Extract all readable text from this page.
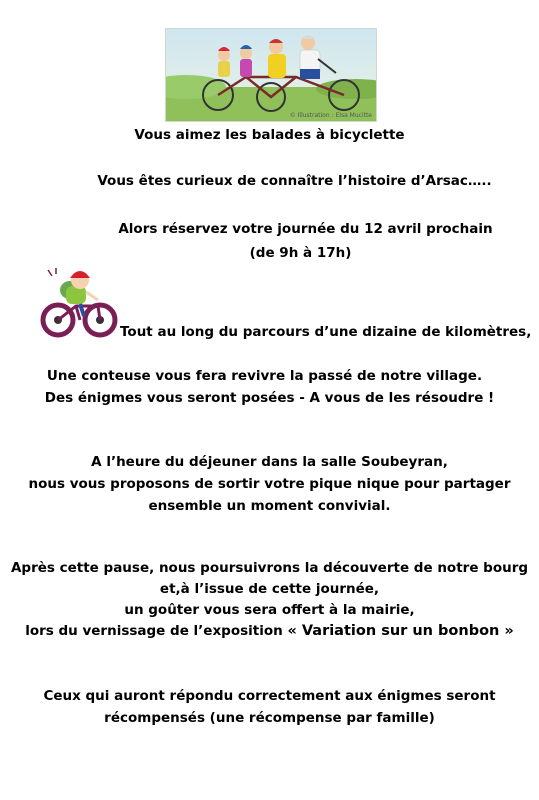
© Illustration : Elsa Mucitte
Vous aimez les balades à bicyclette
Vous êtes curieux de connaître l’histoire d’Arsac…..
Alors réservez votre journée du 12 avril prochain
(de 9h à 17h)
Tout au long du parcours d’une dizaine de kilomètres,
Une conteuse vous fera revivre la passé de notre village.
Des énigmes vous seront posées - A vous de les résoudre !
A l’heure du déjeuner dans la salle Soubeyran,
nous vous proposons de sortir votre pique nique pour partager
ensemble un moment convivial.
Après cette pause, nous poursuivrons la découverte de notre bourg
et,à l’issue de cette journée,
un goûter vous sera offert à la mairie,
lors du vernissage de l’exposition « Variation sur un bonbon »
Ceux qui auront répondu correctement aux énigmes seront
récompensés (une récompense par famille)
